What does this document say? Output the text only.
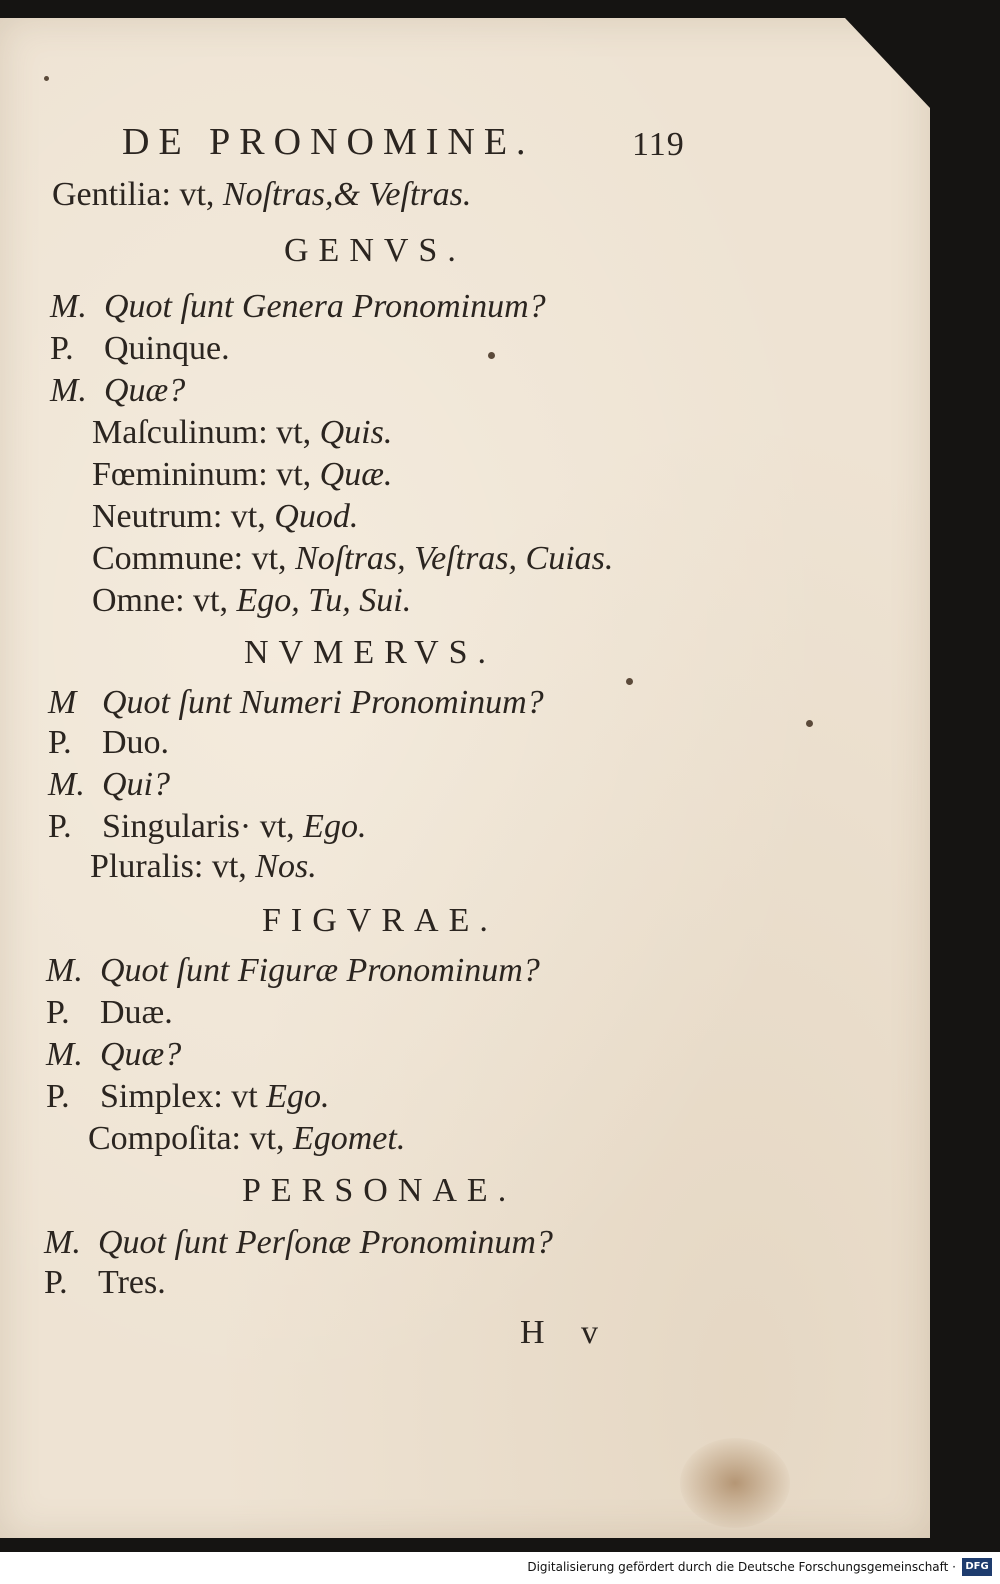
DE PRONOMINE.	119
Gentilia: vt, Noſtras,& Veſtras.
GENVS.
M. Quot ſunt Genera Pronominum?
P. Quinque.
M. Quæ?
Maſculinum: vt, Quis.
Fœmininum: vt, Quæ.
Neutrum: vt, Quod.
Commune: vt, Noſtras, Veſtras, Cuias.
Omne: vt, Ego, Tu, Sui.
NVMERVS.
M Quot ſunt Numeri Pronominum?
P. Duo.
M. Qui?
P. Singularis· vt, Ego.
Pluralis: vt, Nos.
FIGVRAE.
M. Quot ſunt Figuræ Pronominum?
P. Duæ.
M. Quæ?
P. Simplex: vt Ego.
Compoſita: vt, Egomet.
PERSONAE.
M. Quot ſunt Perſonæ Pronominum?
P. Tres.
H v
Digitalisierung gefördert durch die Deutsche Forschungsgemeinschaft · DFG
